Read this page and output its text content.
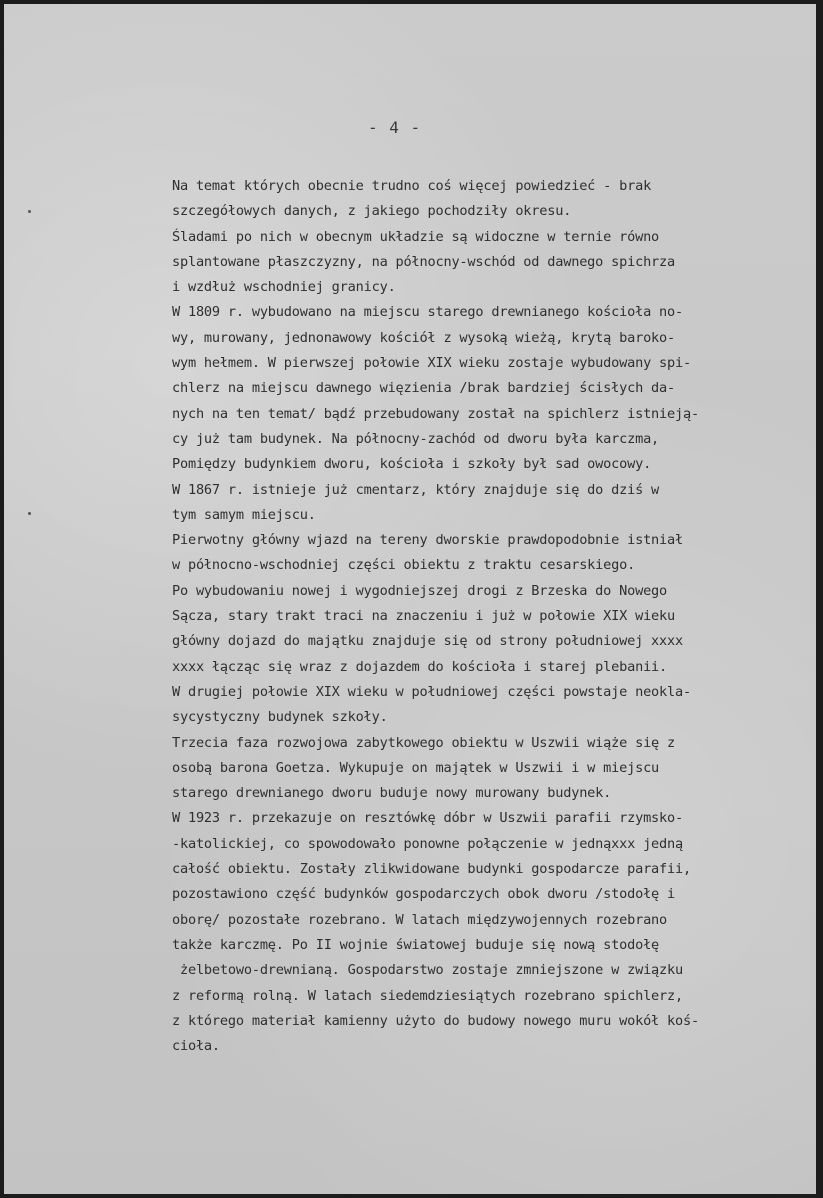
- 4 -
Na temat których obecnie trudno coś więcej powiedzieć - brak
szczegółowych danych, z jakiego pochodziły okresu.
Śladami po nich w obecnym układzie są widoczne w ternie równo
splantowane płaszczyzny, na północny-wschód od dawnego spichrza
i wzdłuż wschodniej granicy.
W 1809 r. wybudowano na miejscu starego drewnianego kościoła no-
wy, murowany, jednonawowy kościół z wysoką wieżą, krytą baroko-
wym hełmem. W pierwszej połowie XIX wieku zostaje wybudowany spi-
chlerz na miejscu dawnego więzienia /brak bardziej ścisłych da-
nych na ten temat/ bądź przebudowany został na spichlerz istnieją-
cy już tam budynek. Na północny-zachód od dworu była karczma,
Pomiędzy budynkiem dworu, kościoła i szkoły był sad owocowy.
W 1867 r. istnieje już cmentarz, który znajduje się do dziś w
tym samym miejscu.
Pierwotny główny wjazd na tereny dworskie prawdopodobnie istniał
w północno-wschodniej części obiektu z traktu cesarskiego.
Po wybudowaniu nowej i wygodniejszej drogi z Brzeska do Nowego
Sącza, stary trakt traci na znaczeniu i już w połowie XIX wieku
główny dojazd do majątku znajduje się od strony południowej xxxx
xxxx łącząc się wraz z dojazdem do kościoła i starej plebanii.
W drugiej połowie XIX wieku w południowej części powstaje neokla-
sycystyczny budynek szkoły.
Trzecia faza rozwojowa zabytkowego obiektu w Uszwii wiąże się z
osobą barona Goetza. Wykupuje on majątek w Uszwii i w miejscu
starego drewnianego dworu buduje nowy murowany budynek.
W 1923 r. przekazuje on resztówkę dóbr w Uszwii parafii rzymsko-
-katolickiej, co spowodowało ponowne połączenie w jednąxxx jedną
całość obiektu. Zostały zlikwidowane budynki gospodarcze parafii,
pozostawiono część budynków gospodarczych obok dworu /stodołę i
oborę/ pozostałe rozebrano. W latach międzywojennych rozebrano
także karczmę. Po II wojnie światowej buduje się nową stodołę
żelbetowo-drewnianą. Gospodarstwo zostaje zmniejszone w związku
z reformą rolną. W latach siedemdziesiątych rozebrano spichlerz,
z którego materiał kamienny użyto do budowy nowego muru wokół koś-
cioła.
